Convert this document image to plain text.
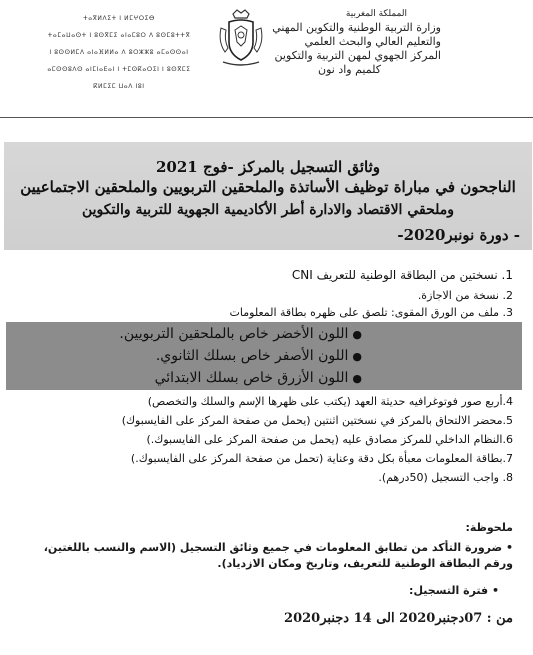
ⵜⴰⴳⵍⴷⵉⵜ ⵏ ⵍⵎⵖⵔⵉⴱ
ⵜⴰⵎⴰⵡⴰⵙⵜ ⵏ ⵓⵙⴳⵎⵉ ⴰⵏⴰⵎⵓⵔ ⴷ ⵓⵙⵎⵓⵜⵜⴳ
ⵏ ⵓⵙⵙⵍⵎⴷ ⴰⵏⴰⴼⵍⵍⴰ ⴷ ⵓⵔⵣⵣⵓ ⴰⵎⴰⵙⵙⴰⵏ
ⴰⵎⵙⵙⵓⴷⵙ ⴰⵏⵎⵏⴰⴹⴰⵏ ⵏ ⵜⵎⵙⴽⴰⵔⵉⵏ ⵏ ⵓⵙⴳⵎⵉ
ⴽⵍⵎⵉⵎ ⵡⴰⴷ ⵏⵓⵏ
المملكة المغربية
وزارة التربية الوطنية والتكوين المهني
والتعليم العالي والبحث العلمي
المركز الجهوي لمهن التربية والتكوين
كلميم واد نون
وثائق التسجيل بالمركز -فوج 2021
الناجحون في مباراة توظيف الأساتذة والملحقين التربويين والملحقين الاجتماعيين
وملحقي الاقتصاد والادارة أطر الأكاديمية الجهوية للتربية والتكوين
- دورة نونبر2020-
1. نسختين من البطاقة الوطنية للتعريف CNI
2. نسخة من الاجازة.
3. ملف من الورق المقوى: تلصق على ظهره بطاقة المعلومات
●اللون الأخضر خاص بالملحقين التربويين.
●اللون الأصفر خاص بسلك الثانوي.
●اللون الأزرق خاص بسلك الابتدائي
4.أربع صور فوتوغرافيه حديثة العهد (يكتب على ظهرها الإسم والسلك والتخصص)
5.محضر الالتحاق بالمركز في نسختين اثنتين (يحمل من صفحة المركز على الفايسبوك)
6.النظام الداخلي للمركز مصادق عليه (يحمل من صفحة المركز على الفايسبوك.)
7.بطاقة المعلومات معبأة بكل دقة وعناية (تحمل من صفحة المركز على الفايسبوك.)
8. واجب التسجيل (50درهم).
ملحوظة:
• ضرورة التأكد من تطابق المعلومات في جميع وثائق التسجيل (الاسم والنسب باللغتين، ورقم البطاقة الوطنية للتعريف، وتاريخ ومكان الازدياد).
• فترة التسجيل:
من : 07دجنبر2020 الى 14 دجنبر2020
